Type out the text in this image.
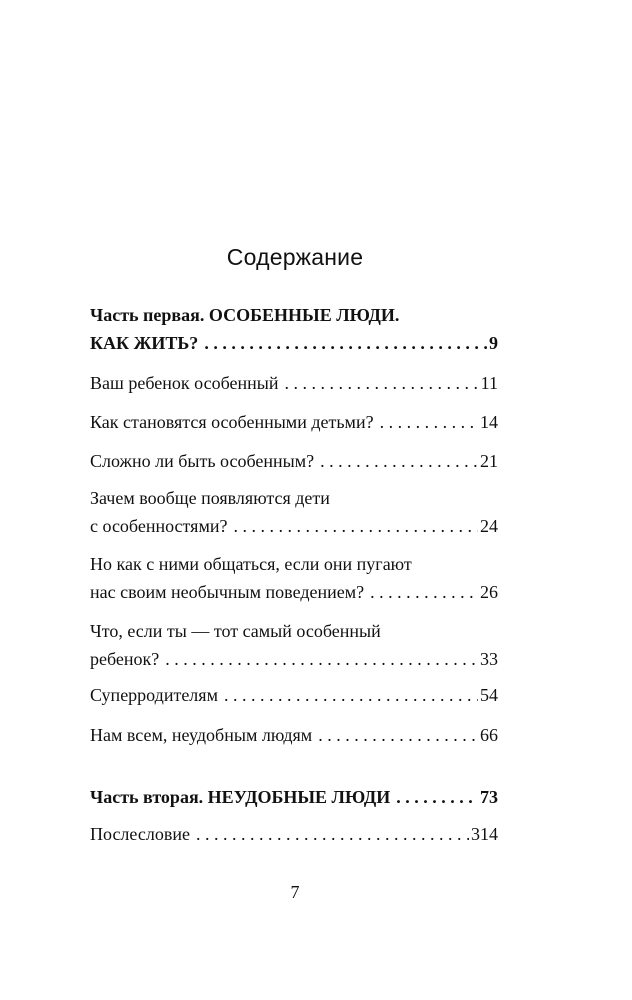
Содержание
Часть первая. ОСОБЕННЫЕ ЛЮДИ.
КАК ЖИТЬ? . . .	9
Ваш ребенок особенный . . .	11
Как становятся особенными детьми? . . .	14
Сложно ли быть особенным? . . .	21
Зачем вообще появляются дети
с особенностями? . . .	24
Но как с ними общаться, если они пугают
нас своим необычным поведением? . . .	26
Что, если ты — тот самый особенный
ребенок? . . .	33
Суперродителям . . .	54
Нам всем, неудобным людям . . .	66
Часть вторая. НЕУДОБНЫЕ ЛЮДИ . . .	73
Послесловие . . .	314
7
